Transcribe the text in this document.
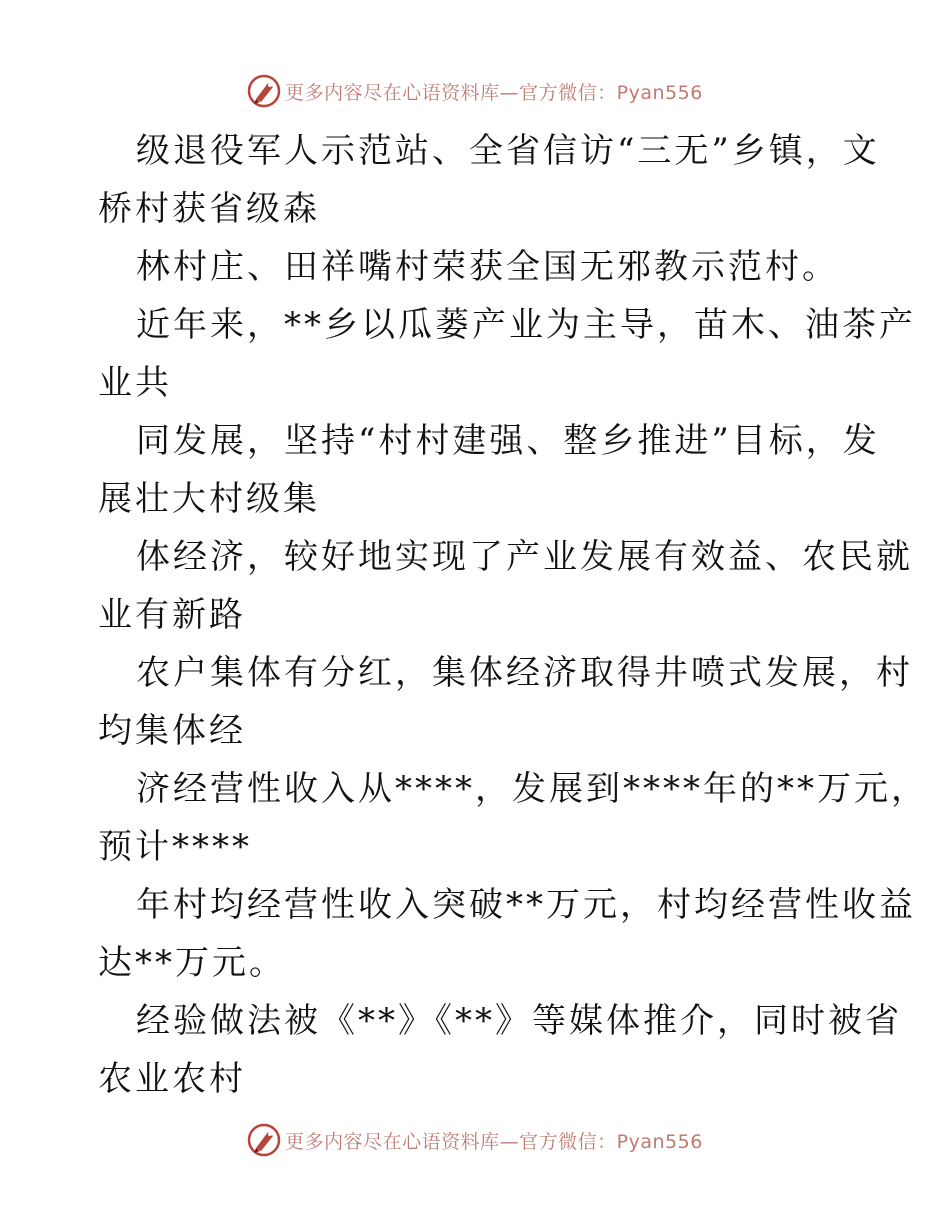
更多内容尽在心语资料库—官方微信：Pyan556

级退役军人示范站、全省信访“三无”乡镇，文

桥村获省级森

林村庄、田祥嘴村荣获全国无邪教示范村。

近年来，**乡以瓜蒌产业为主导，苗木、油茶产

业共

同发展，坚持“村村建强、整乡推进”目标，发

展壮大村级集

体经济，较好地实现了产业发展有效益、农民就

业有新路

农户集体有分红，集体经济取得井喷式发展，村

均集体经

济经营性收入从****，发展到****年的**万元，

预计****

年村均经营性收入突破**万元，村均经营性收益

达**万元。

经验做法被《**》《**》等媒体推介，同时被省

农业农村

更多内容尽在心语资料库—官方微信：Pyan556
